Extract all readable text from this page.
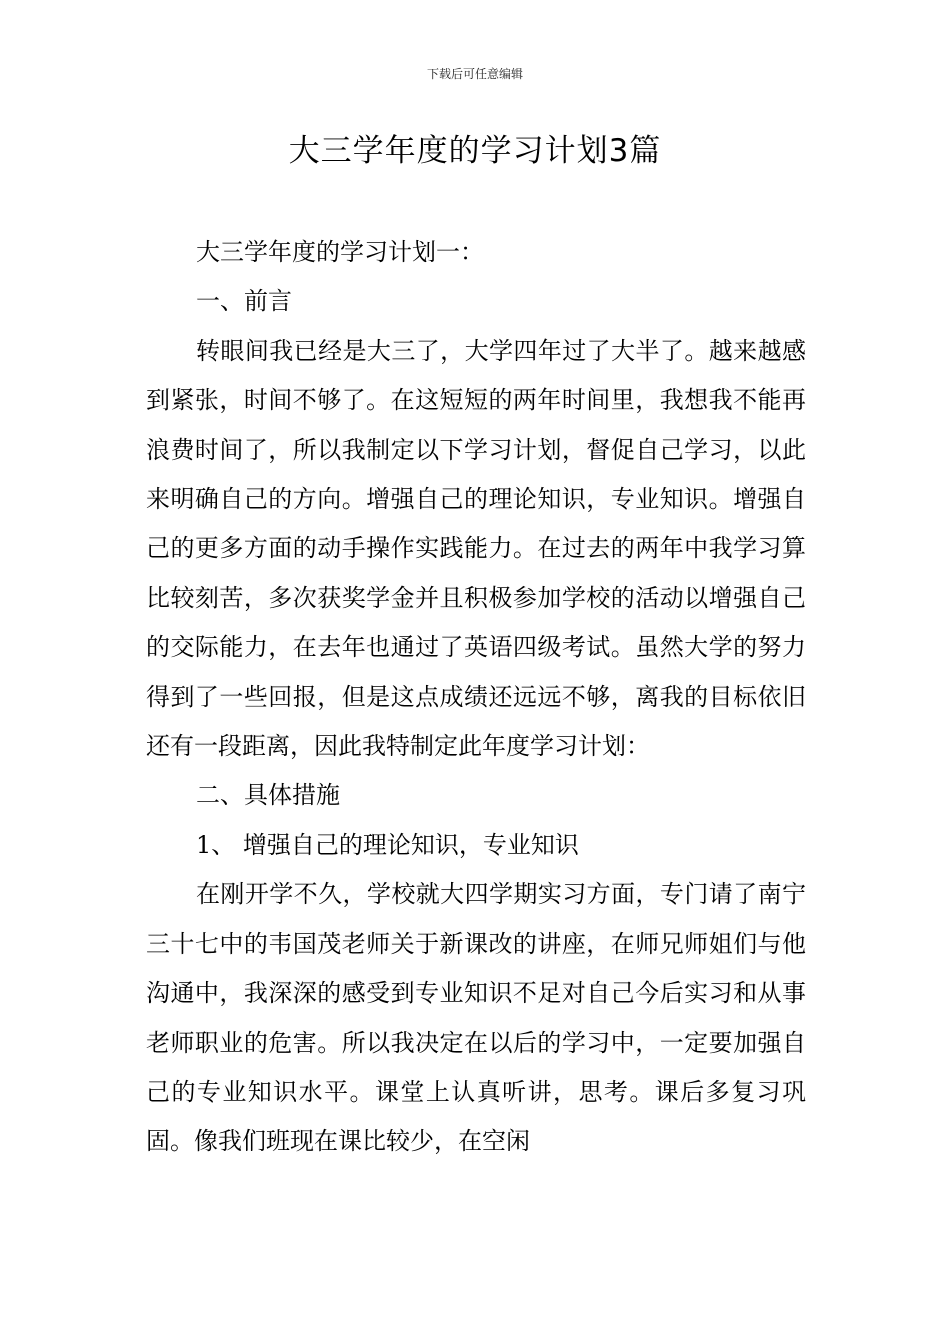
下载后可任意编辑
大三学年度的学习计划3篇

大三学年度的学习计划一：

一、前言

转眼间我已经是大三了，大学四年过了大半了。越来越感到紧张，时间不够了。在这短短的两年时间里，我想我不能再浪费时间了，所以我制定以下学习计划，督促自己学习，以此来明确自己的方向。增强自己的理论知识，专业知识。增强自己的更多方面的动手操作实践能力。在过去的两年中我学习算比较刻苦，多次获奖学金并且积极参加学校的活动以增强自己的交际能力，在去年也通过了英语四级考试。虽然大学的努力得到了一些回报，但是这点成绩还远远不够，离我的目标依旧还有一段距离，因此我特制定此年度学习计划：

二、具体措施

1、 增强自己的理论知识，专业知识

在刚开学不久，学校就大四学期实习方面，专门请了南宁三十七中的韦国茂老师关于新课改的讲座，在师兄师姐们与他沟通中，我深深的感受到专业知识不足对自己今后实习和从事老师职业的危害。所以我决定在以后的学习中，一定要加强自己的专业知识水平。课堂上认真听讲，思考。课后多复习巩固。像我们班现在课比较少，在空闲
